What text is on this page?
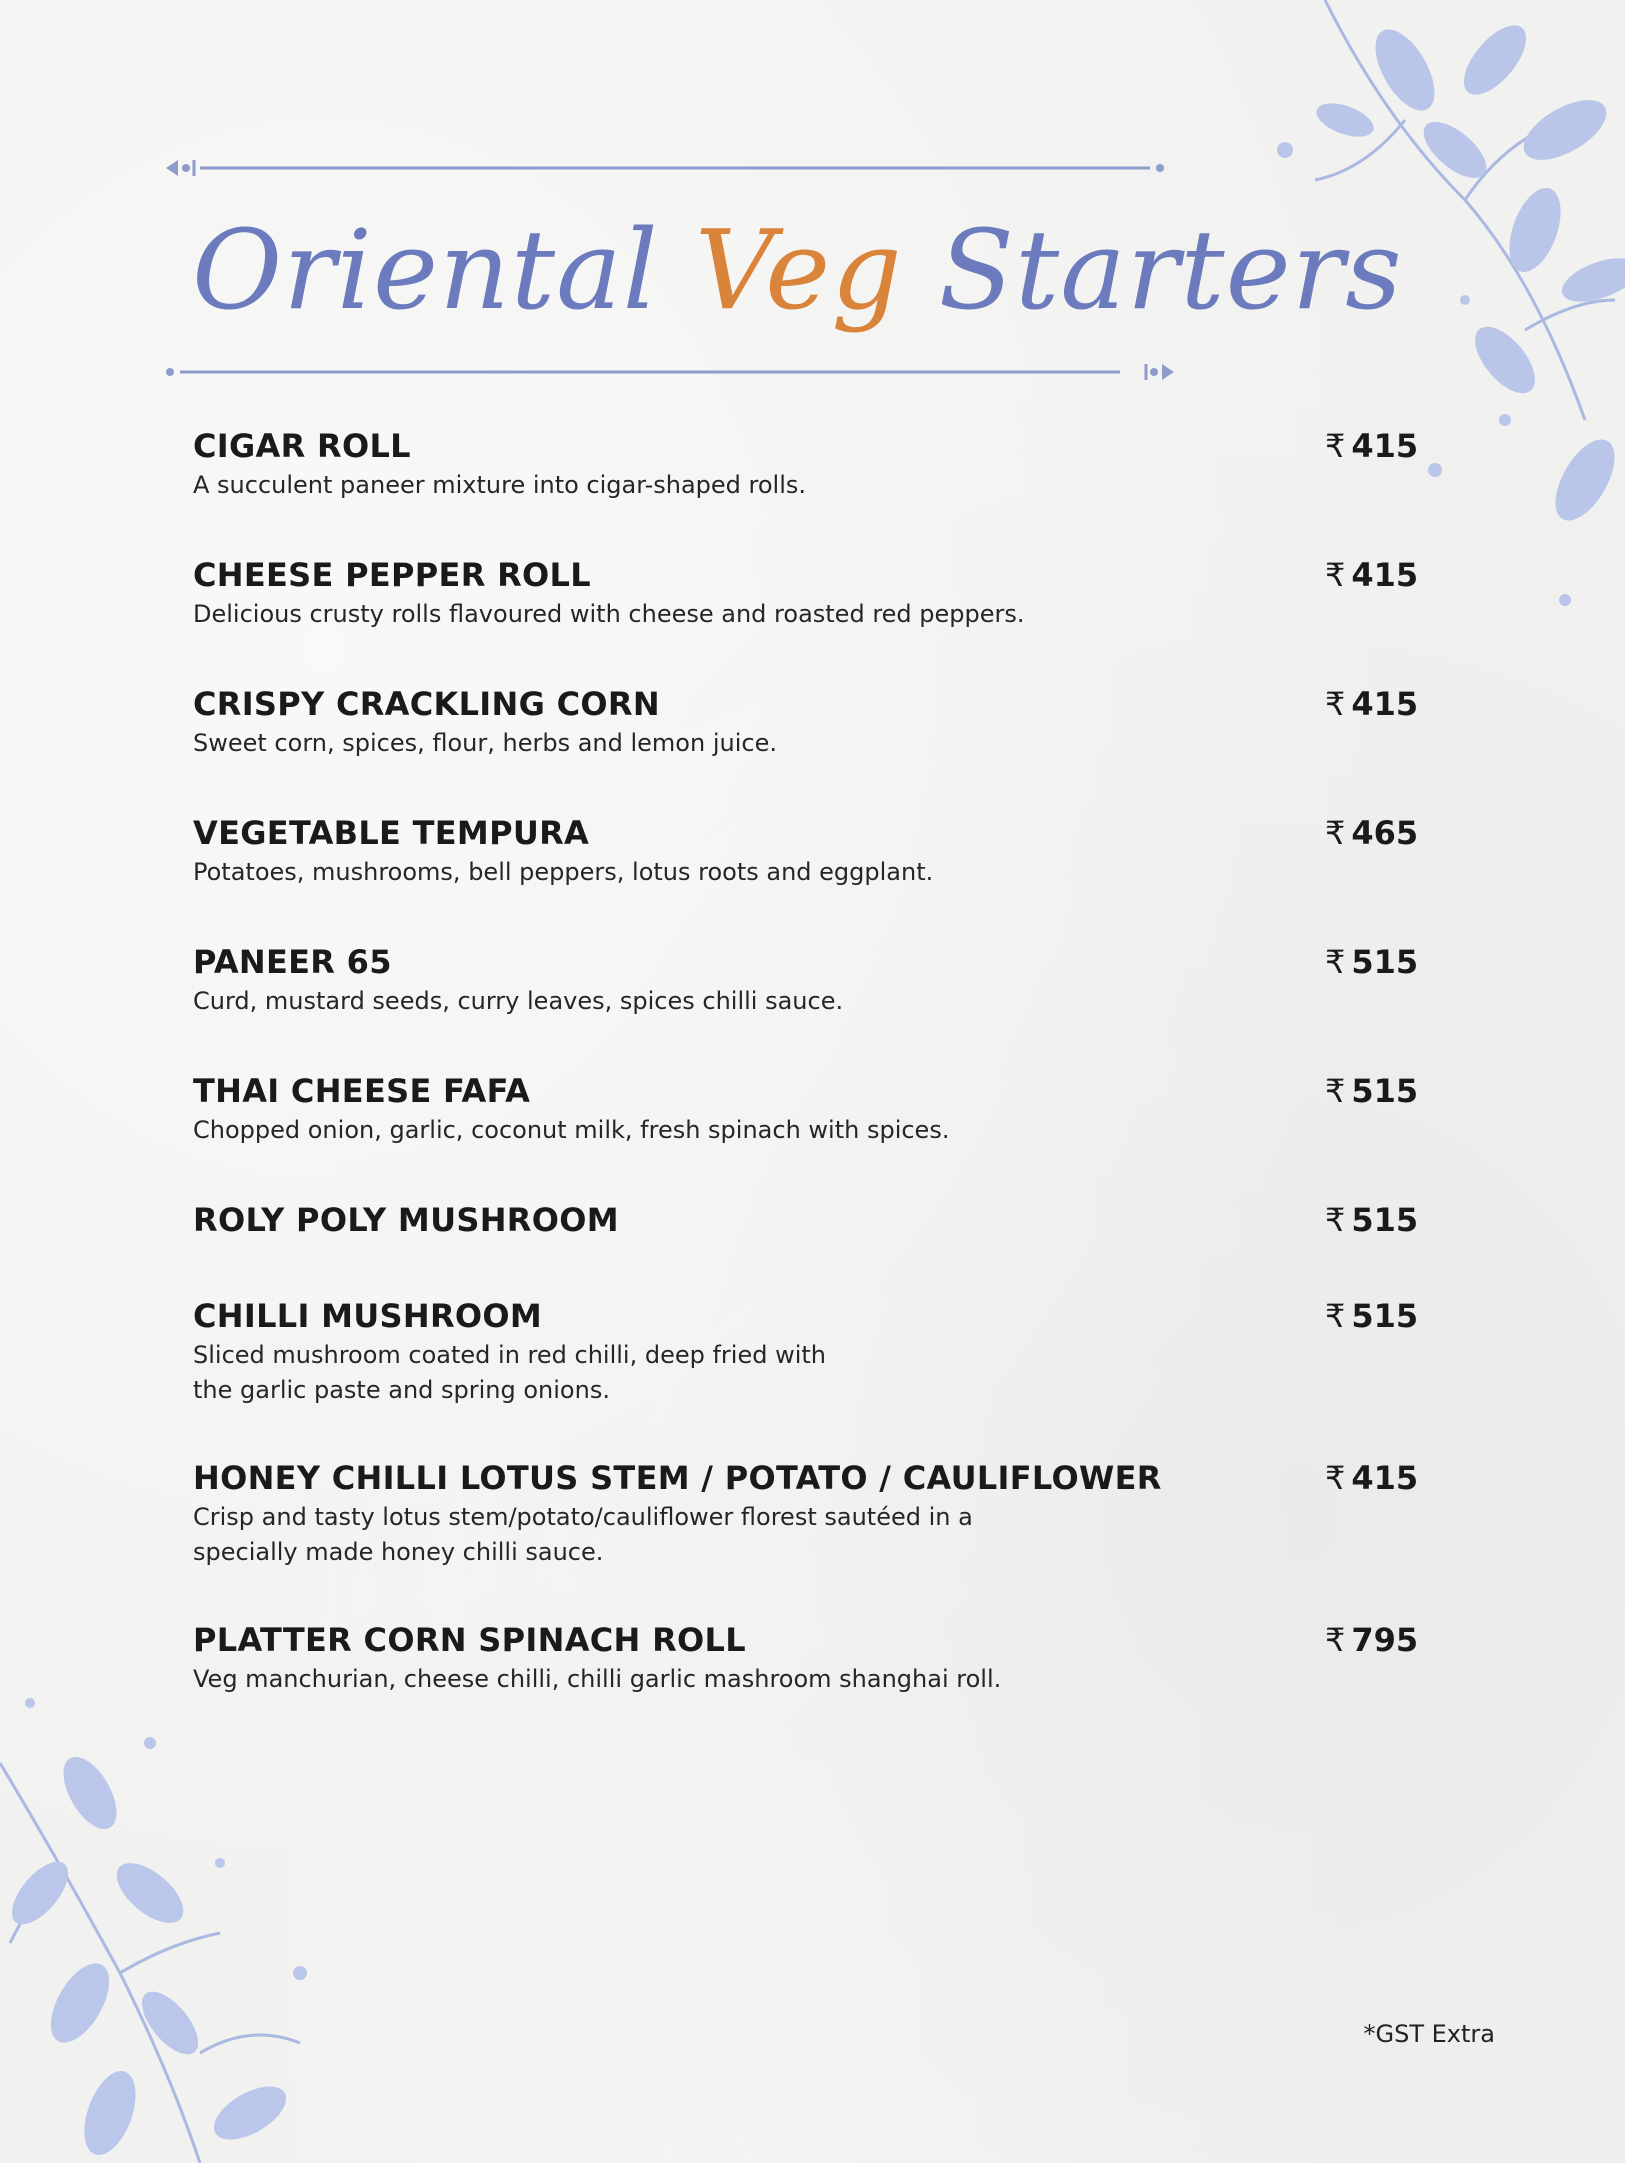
Oriental Veg Starters
CIGAR ROLL
A succulent paneer mixture into cigar-shaped rolls.
₹ 415
CHEESE PEPPER ROLL
Delicious crusty rolls flavoured with cheese and roasted red peppers.
₹ 415
CRISPY CRACKLING CORN
Sweet corn, spices, flour, herbs and lemon juice.
₹ 415
VEGETABLE TEMPURA
Potatoes, mushrooms, bell peppers, lotus roots and eggplant.
₹ 465
PANEER 65
Curd, mustard seeds, curry leaves, spices chilli sauce.
₹ 515
THAI CHEESE FAFA
Chopped onion, garlic, coconut milk, fresh spinach with spices.
₹ 515
ROLY POLY MUSHROOM	₹ 515
CHILLI MUSHROOM
Sliced mushroom coated in red chilli, deep fried with the garlic paste and spring onions.
₹ 515
HONEY CHILLI LOTUS STEM / POTATO / CAULIFLOWER
Crisp and tasty lotus stem/potato/cauliflower florest sautéed in a specially made honey chilli sauce.
₹ 415
PLATTER CORN SPINACH ROLL
Veg manchurian, cheese chilli, chilli garlic mashroom shanghai roll.
₹ 795
*GST Extra
